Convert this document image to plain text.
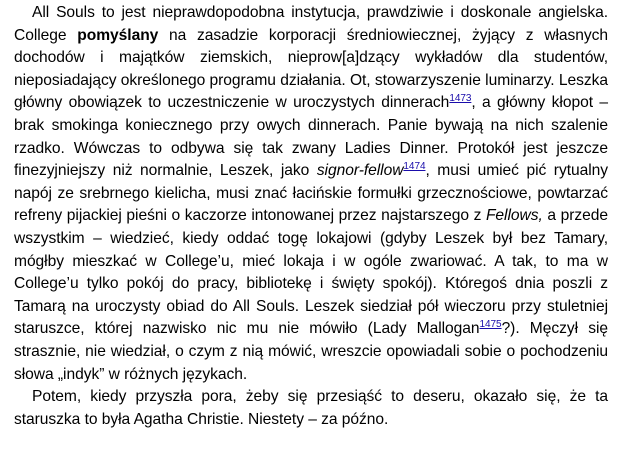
All Souls to jest nieprawdopodobna instytucja, prawdziwie i doskonale angielska. College pomyślany na zasadzie korporacji średniowiecznej, żyjący z własnych dochodów i majątków ziemskich, nieprow[a]dzący wykładów dla studentów, nieposiadający określonego programu działania. Ot, stowarzyszenie luminarzy. Leszka główny obowiązek to uczestniczenie w uroczystych dinnerach$^{1473}$, a główny kłopot – brak smokinga koniecznego przy owych dinnerach. Panie bywają na nich szalenie rzadko. Wówczas to odbywa się tak zwany Ladies Dinner. Protokół jest jeszcze finezyjniejszy niż normalnie, Leszek, jako signor-fellow$^{1474}$, musi umieć pić rytualny napój ze srebrnego kielicha, musi znać łacińskie formułki grzecznościowe, powtarzać refreny pijackiej pieśni o kaczorze intonowanej przez najstarszego z Fellows, a przede wszystkim – wiedzieć, kiedy oddać togę lokajowi (gdyby Leszek był bez Tamary, mógłby mieszkać w College’u, mieć lokaja i w ogóle zwariować. A tak, to ma w College’u tylko pokój do pracy, bibliotekę i święty spokój). Któregoś dnia poszli z Tamarą na uroczysty obiad do All Souls. Leszek siedział pół wieczoru przy stuletniej staruszce, której nazwisko nic mu nie mówiło (Lady Mallogan$^{1475}$?). Męczył się strasznie, nie wiedział, o czym z nią mówić, wreszcie opowiadali sobie o pochodzeniu słowa „indyk” w różnych językach.

Potem, kiedy przyszła pora, żeby się przesiąść to deseru, okazało się, że ta staruszka to była Agatha Christie. Niestety – za późno.
